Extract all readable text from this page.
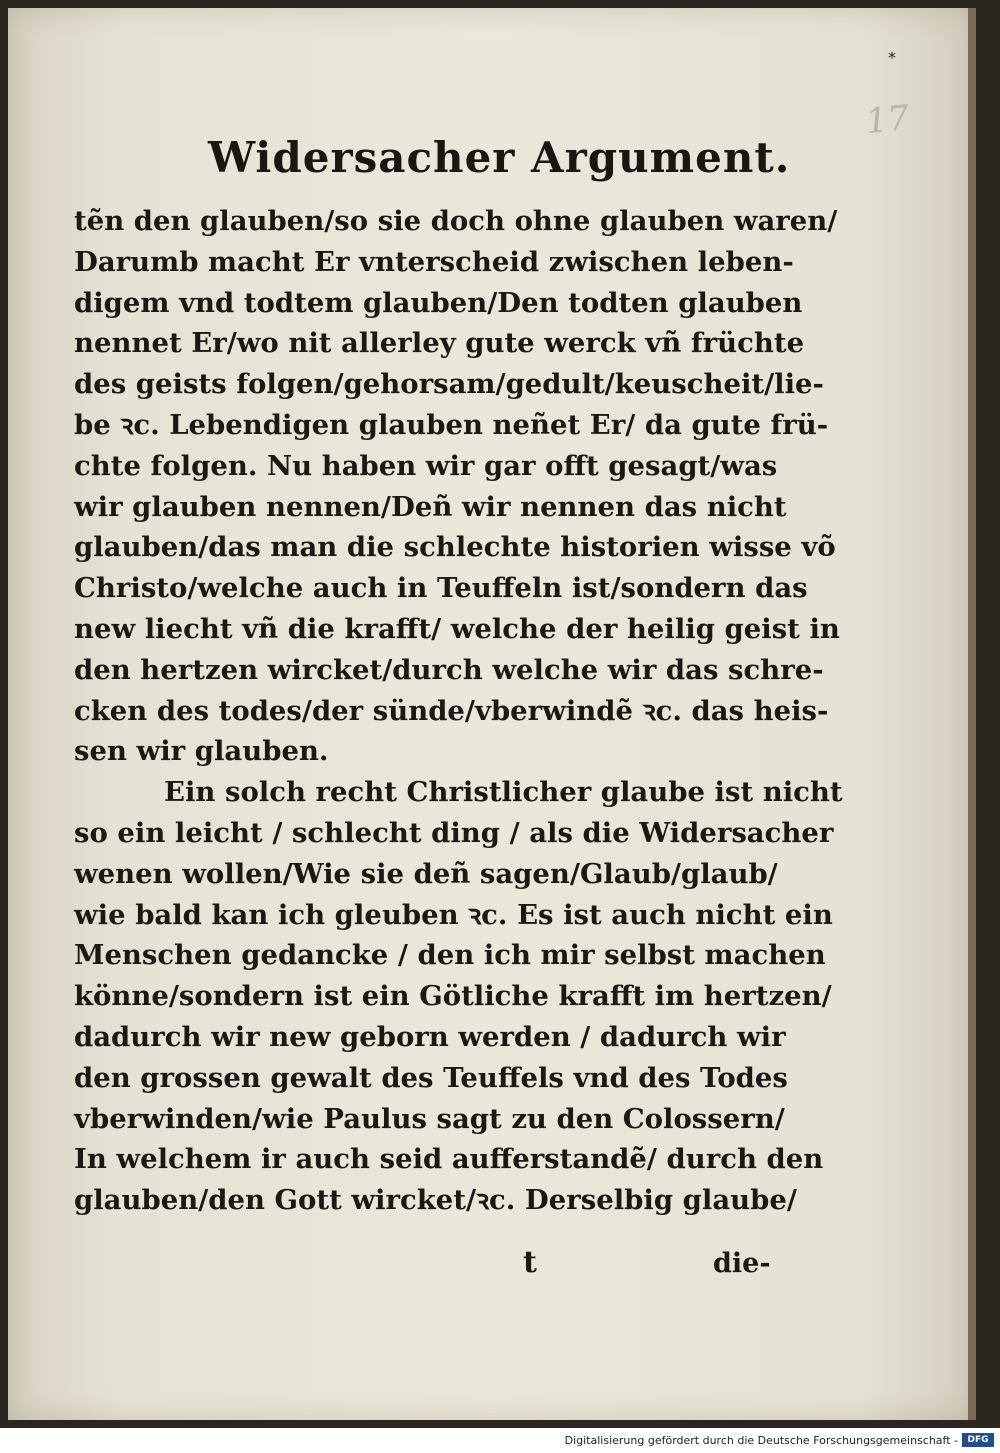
*
17
Widersacher Argument.
tẽn den glauben/so sie doch ohne glauben waren/
Darumb macht Er vnterscheid zwischen leben-
digem vnd todtem glauben/Den todten glauben
nennet Er/wo nit allerley gute werck vñ früchte
des geists folgen/gehorsam/gedult/keuscheit/lie-
be ꝛc. Lebendigen glauben neñet Er/ da gute frü-
chte folgen. Nu haben wir gar offt gesagt/was
wir glauben nennen/Deñ wir nennen das nicht
glauben/das man die schlechte historien wisse võ
Christo/welche auch in Teuffeln ist/sondern das
new liecht vñ die krafft/ welche der heilig geist in
den hertzen wircket/durch welche wir das schre-
cken des todes/der sünde/vberwindẽ ꝛc. das heis-
sen wir glauben.
Ein solch recht Christlicher glaube ist nicht
so ein leicht / schlecht ding / als die Widersacher
wenen wollen/Wie sie deñ sagen/Glaub/glaub/
wie bald kan ich gleuben ꝛc. Es ist auch nicht ein
Menschen gedancke / den ich mir selbst machen
könne/sondern ist ein Götliche krafft im hertzen/
dadurch wir new geborn werden / dadurch wir
den grossen gewalt des Teuffels vnd des Todes
vberwinden/wie Paulus sagt zu den Colossern/
In welchem ir auch seid aufferstandẽ/ durch den
glauben/den Gott wircket/ꝛc. Derselbig glaube/
t	die-
Digitalisierung gefördert durch die Deutsche Forschungsgemeinschaft -	DFG
